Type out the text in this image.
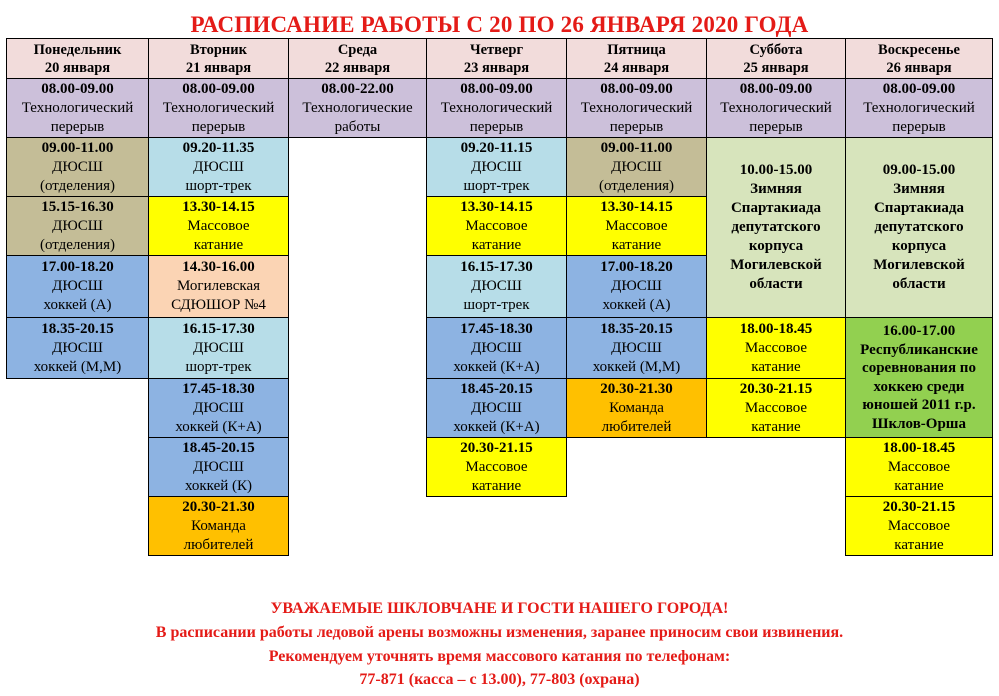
РАСПИСАНИЕ РАБОТЫ С 20 ПО 26 ЯНВАРЯ 2020 ГОДА
Понедельник
20 января
Вторник
21 января
Среда
22 января
Четверг
23 января
Пятница
24 января
Суббота
25 января
Воскресенье
26 января
08.00-09.00
Технологический
перерыв
09.00-11.00
ДЮСШ
(отделения)
15.15-16.30
ДЮСШ
(отделения)
17.00-18.20
ДЮСШ
хоккей (А)
18.35-20.15
ДЮСШ
хоккей (М,М)
08.00-09.00
Технологический
перерыв
09.20-11.35
ДЮСШ
шорт-трек
13.30-14.15
Массовое
катание
14.30-16.00
Могилевская
СДЮШОР №4
16.15-17.30
ДЮСШ
шорт-трек
17.45-18.30
ДЮСШ
хоккей (К+А)
18.45-20.15
ДЮСШ
хоккей (К)
20.30-21.30
Команда
любителей
08.00-22.00
Технологические
работы
08.00-09.00
Технологический
перерыв
09.20-11.15
ДЮСШ
шорт-трек
13.30-14.15
Массовое
катание
16.15-17.30
ДЮСШ
шорт-трек
17.45-18.30
ДЮСШ
хоккей (К+А)
18.45-20.15
ДЮСШ
хоккей (К+А)
20.30-21.15
Массовое
катание
08.00-09.00
Технологический
перерыв
09.00-11.00
ДЮСШ
(отделения)
13.30-14.15
Массовое
катание
17.00-18.20
ДЮСШ
хоккей (А)
18.35-20.15
ДЮСШ
хоккей (М,М)
20.30-21.30
Команда
любителей
08.00-09.00
Технологический
перерыв
10.00-15.00
Зимняя
Спартакиада
депутатского
корпуса
Могилевской
области
18.00-18.45
Массовое
катание
20.30-21.15
Массовое
катание
08.00-09.00
Технологический
перерыв
09.00-15.00
Зимняя
Спартакиада
депутатского
корпуса
Могилевской
области
16.00-17.00
Республиканские
соревнования по
хоккею среди
юношей 2011 г.р.
Шклов-Орша
18.00-18.45
Массовое
катание
20.30-21.15
Массовое
катание
УВАЖАЕМЫЕ ШКЛОВЧАНЕ И ГОСТИ НАШЕГО ГОРОДА!
В расписании работы ледовой арены возможны изменения, заранее приносим свои извинения.
Рекомендуем уточнять время массового катания по телефонам:
77-871 (касса – с 13.00), 77-803 (охрана)
